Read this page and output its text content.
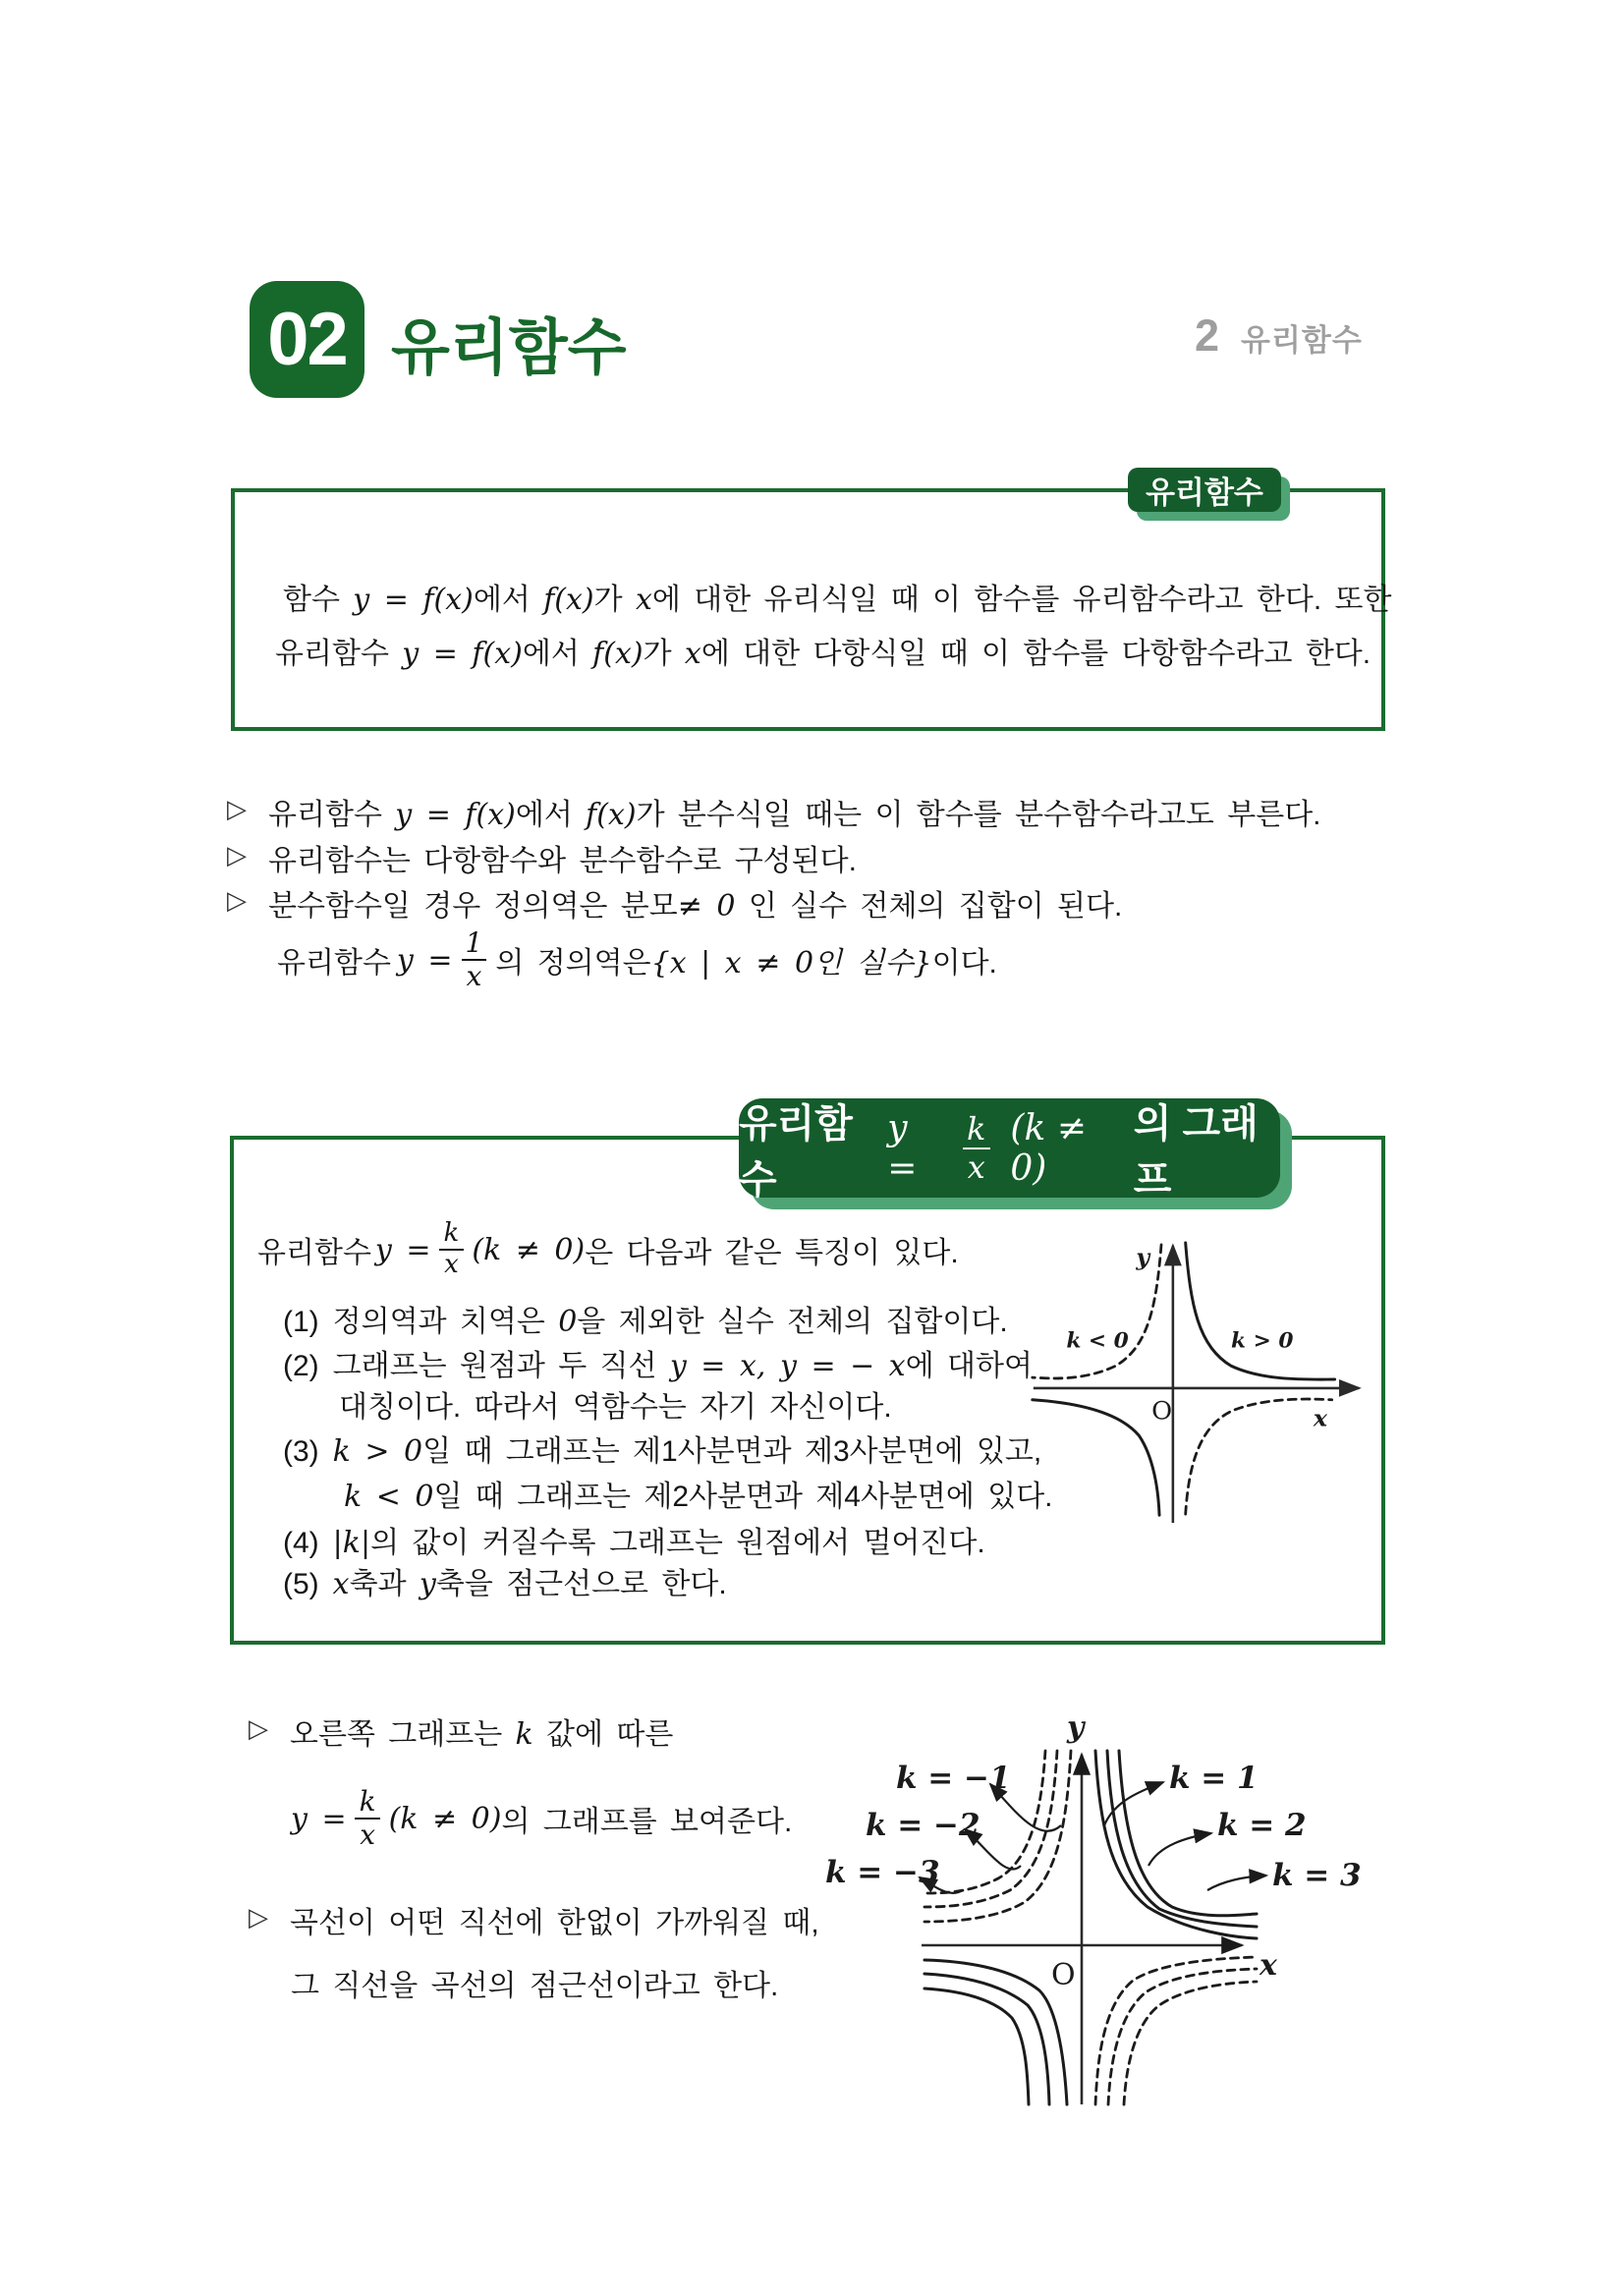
02 유리함수	2 유리함수
유리함수
함수 y = f(x)에서 f(x)가 x에 대한 유리식일 때 이 함수를 유리함수라고 한다. 또한
유리함수 y = f(x)에서 f(x)가 x에 대한 다항식일 때 이 함수를 다항함수라고 한다.
▷ 유리함수 y = f(x)에서 f(x)가 분수식일 때는 이 함수를 분수함수라고도 부른다.
▷ 유리함수는 다항함수와 분수함수로 구성된다.
▷ 분수함수일 경우 정의역은 분모≠ 0 인 실수 전체의 집합이 된다.
유리함수 $y = \frac{1}{x}$ 의 정의역은 {x | x ≠ 0인 실수} 이다.
유리함수
y =	$\frac{k}{x} (k \ne 0)$
의 그래프
유리함수 $y = \frac{k}{x} (k \ne 0)$ 은 다음과 같은 특징이 있다.
(1) 정의역과 치역은 0을 제외한 실수 전체의 집합이다.
(2) 그래프는 원점과 두 직선 y = x, y = − x에 대하여
대칭이다. 따라서 역함수는 자기 자신이다.
(3) k > 0일 때 그래프는 제1사분면과 제3사분면에 있고,
k < 0일 때 그래프는 제2사분면과 제4사분면에 있다.
(4) |k|의 값이 커질수록 그래프는 원점에서 멀어진다.
(5) x축과 y축을 점근선으로 한다.
y
k < 0	k > 0
O	x
▷ 오른쪽 그래프는 k 값에 따른
$y = \frac{k}{x} (k \ne 0)$ 의 그래프를 보여준다.
▷ 곡선이 어떤 직선에 한없이 가까워질 때,
그 직선을 곡선의 점근선이라고 한다.
y
x
O
k = −1
k = −2
k = −3
k = 1
k = 2
k = 3
